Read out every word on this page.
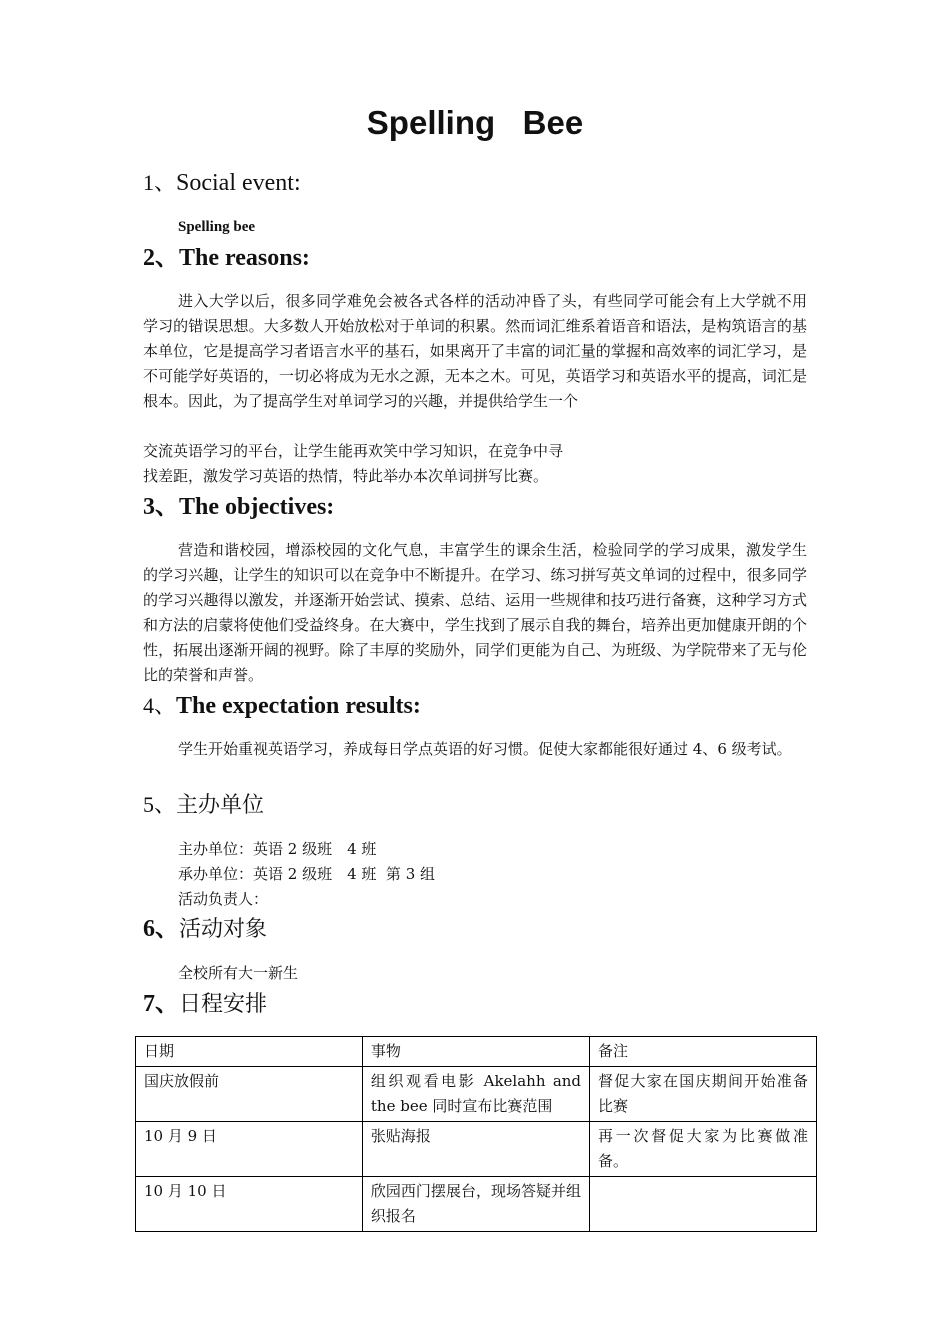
Spelling   Bee
1、Social event:
Spelling bee
2、The reasons:

进入大学以后，很多同学难免会被各式各样的活动冲昏了头，有些同学可能会有上大学就不用学习的错误思想。大多数人开始放松对于单词的积累。然而词汇维系着语音和语法，是构筑语言的基本单位，它是提高学习者语言水平的基石，如果离开了丰富的词汇量的掌握和高效率的词汇学习，是不可能学好英语的，一切必将成为无水之源，无本之木。可见，英语学习和英语水平的提高，词汇是根本。因此，为了提高学生对单词学习的兴趣，并提供给学生一个

交流英语学习的平台，让学生能再欢笑中学习知识，在竞争中寻
找差距，激发学习英语的热情，特此举办本次单词拼写比赛。
3、The objectives:

营造和谐校园，增添校园的文化气息，丰富学生的课余生活，检验同学的学习成果，激发学生的学习兴趣，让学生的知识可以在竞争中不断提升。在学习、练习拼写英文单词的过程中，很多同学的学习兴趣得以激发，并逐渐开始尝试、摸索、总结、运用一些规律和技巧进行备赛，这种学习方式和方法的启蒙将使他们受益终身。在大赛中，学生找到了展示自我的舞台，培养出更加健康开朗的个性，拓展出逐渐开阔的视野。除了丰厚的奖励外，同学们更能为自己、为班级、为学院带来了无与伦比的荣誉和声誉。

4、The expectation results:

学生开始重视英语学习，养成每日学点英语的好习惯。促使大家都能很好通过 4、6 级考试。

5、主办单位
主办单位：英语 2 级班　4 班
承办单位：英语 2 级班　4 班  第 3 组
活动负责人：
6、活动对象
全校所有大一新生
7、日程安排
日期	事物	备注
国庆放假前	组织观看电影 Akelahh and the bee 同时宣布比赛范围	督促大家在国庆期间开始准备比赛
10 月 9 日	张贴海报	再一次督促大家为比赛做准备。
10 月 10 日	欣园西门摆展台，现场答疑并组织报名	
